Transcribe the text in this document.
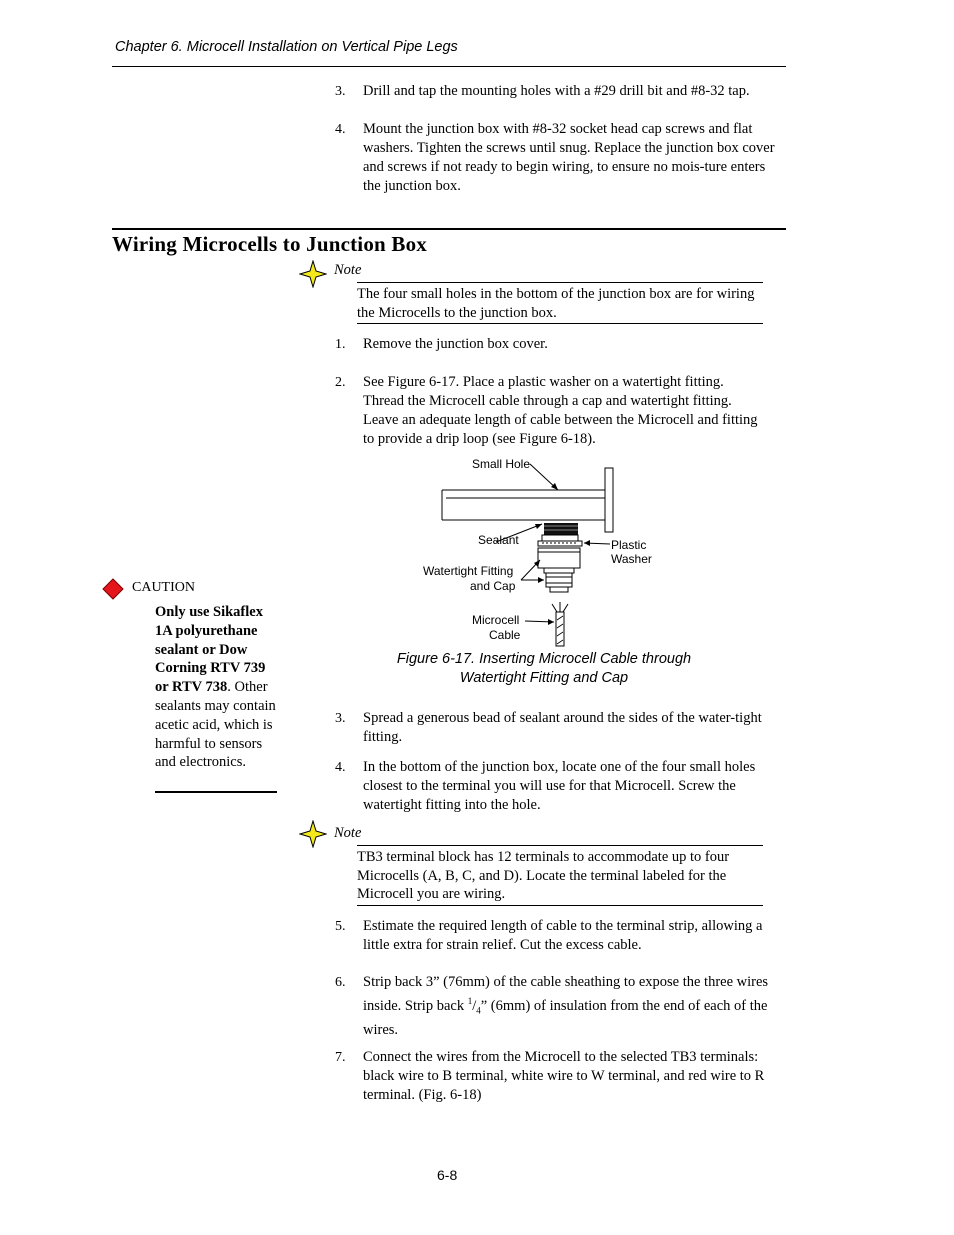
Chapter 6. Microcell Installation on Vertical Pipe Legs
3.	Drill and tap the mounting holes with a #29 drill bit and #8-32 tap.
4.	Mount the junction box with #8-32 socket head cap screws and flat washers. Tighten the screws until snug. Replace the junction box cover and screws if not ready to begin wiring, to ensure no mois-ture enters the junction box.
Wiring Microcells to Junction Box
Note
The four small holes in the bottom of the junction box are for wiring the Microcells to the junction box.
1.	Remove the junction box cover.
2.	See Figure 6-17. Place a plastic washer on a watertight fitting. Thread the Microcell cable through a cap and watertight fitting. Leave an adequate length of cable between the Microcell and fitting to provide a drip loop (see Figure 6-18).
Small Hole
Sealant	Plastic
Washer
Watertight Fitting
and Cap
Microcell
Cable
Figure 6-17. Inserting Microcell Cable through
Watertight Fitting and Cap
CAUTION
Only use Sikaflex 1A polyurethane sealant or Dow Corning RTV 739 or RTV 738. Other sealants may contain acetic acid, which is harmful to sensors and electronics.
3.	Spread a generous bead of sealant around the sides of the water-tight fitting.
4.	In the bottom of the junction box, locate one of the four small holes closest to the terminal you will use for that Microcell. Screw the watertight fitting into the hole.
Note
TB3 terminal block has 12 terminals to accommodate up to four Microcells (A, B, C, and D). Locate the terminal labeled for the Microcell you are wiring.
5.	Estimate the required length of cable to the terminal strip, allowing a little extra for strain relief. Cut the excess cable.
6.	Strip back 3” (76mm) of the cable sheathing to expose the three wires inside. Strip back $^1/_4$” (6mm) of insulation from the end of each of the wires.
7.	Connect the wires from the Microcell to the selected TB3 terminals: black wire to B terminal, white wire to W terminal, and red wire to R terminal. (Fig. 6-18)
6-8
